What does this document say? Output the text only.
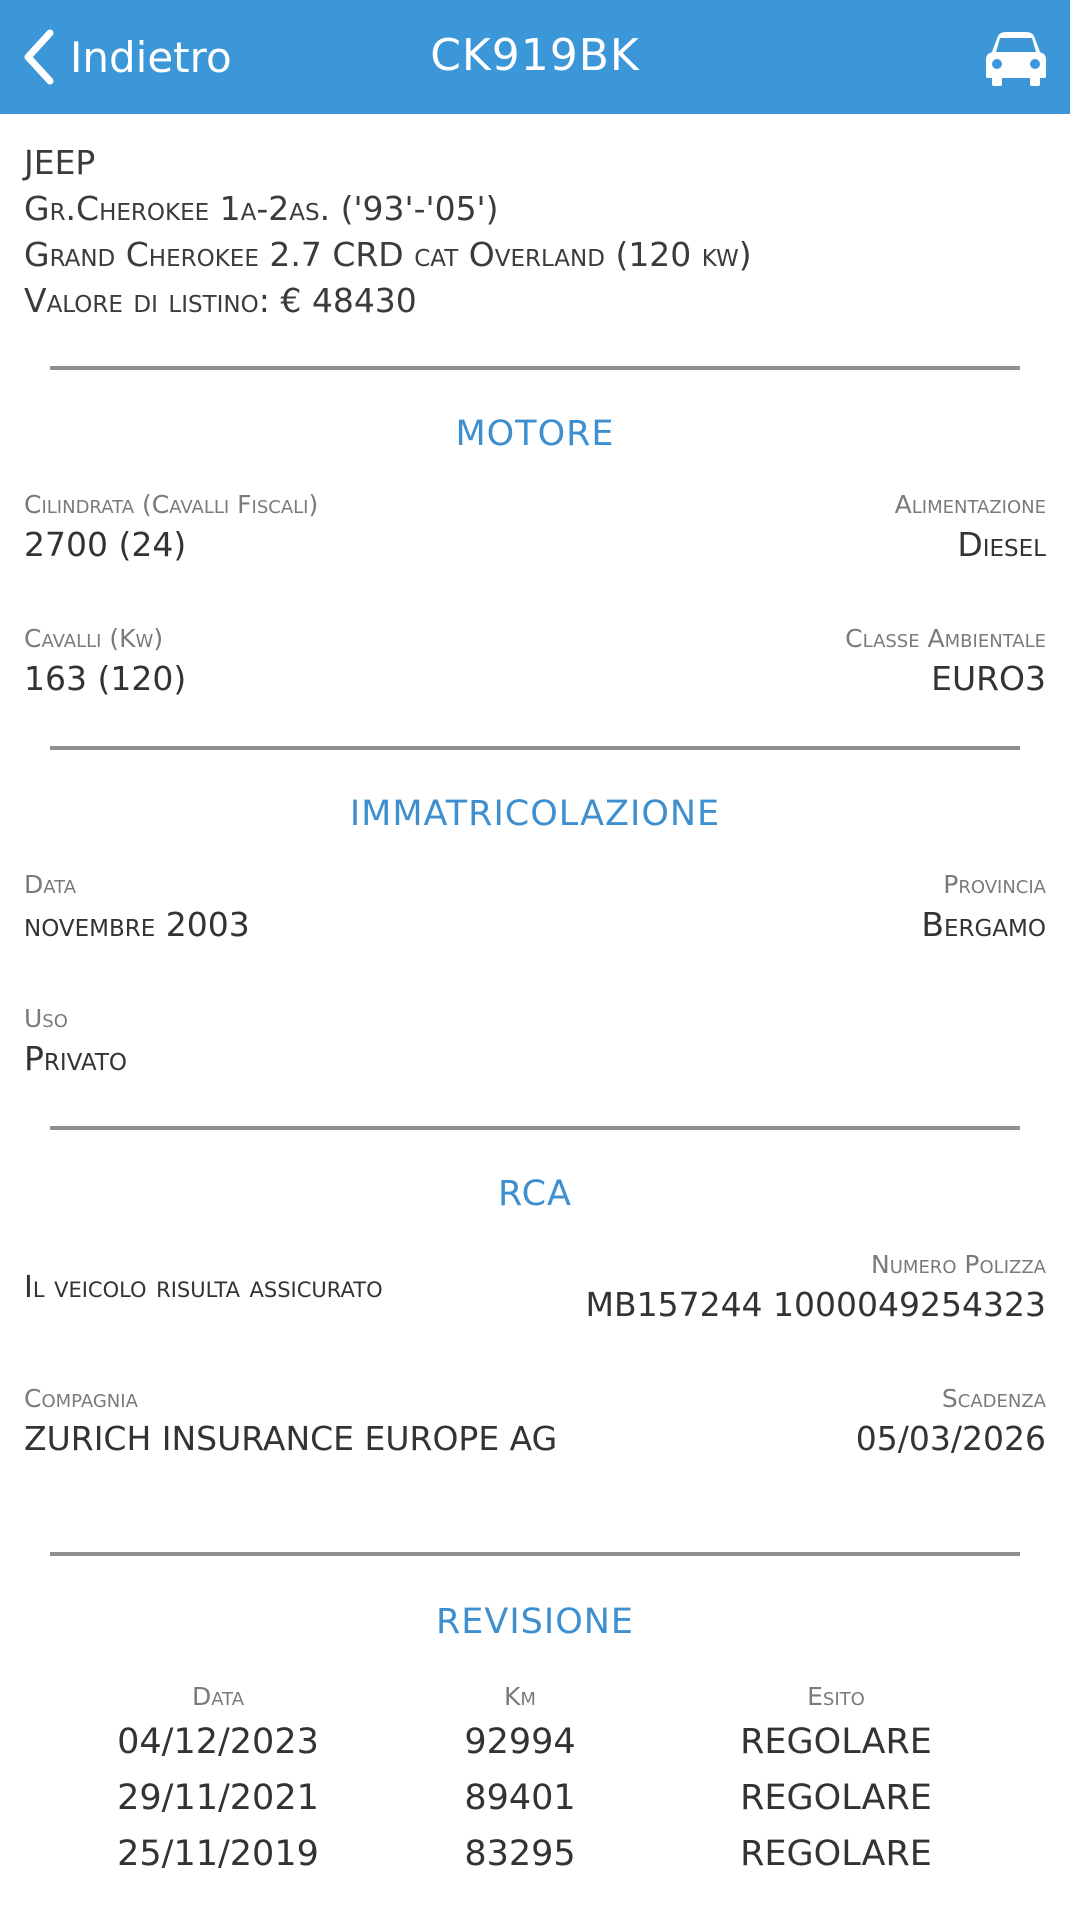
Indietro	CK919BK
JEEP
Gr.Cherokee 1a-2as. ('93'-'05')
Grand Cherokee 2.7 CRD cat Overland (120 kw)
Valore di listino: € 48430
MOTORE
Cilindrata (Cavalli Fiscali)
2700 (24)
Alimentazione
Diesel
Cavalli (Kw)
163 (120)
Classe Ambientale
EURO3
IMMATRICOLAZIONE
Data
novembre 2003
Provincia
Bergamo
Uso
Privato
RCA
Il veicolo risulta assicurato
Numero Polizza
MB157244 1000049254323
Compagnia
ZURICH INSURANCE EUROPE AG
Scadenza
05/03/2026
REVISIONE
Data
04/12/2023
29/11/2021
25/11/2019
Km
92994
89401
83295
Esito
REGOLARE
REGOLARE
REGOLARE
